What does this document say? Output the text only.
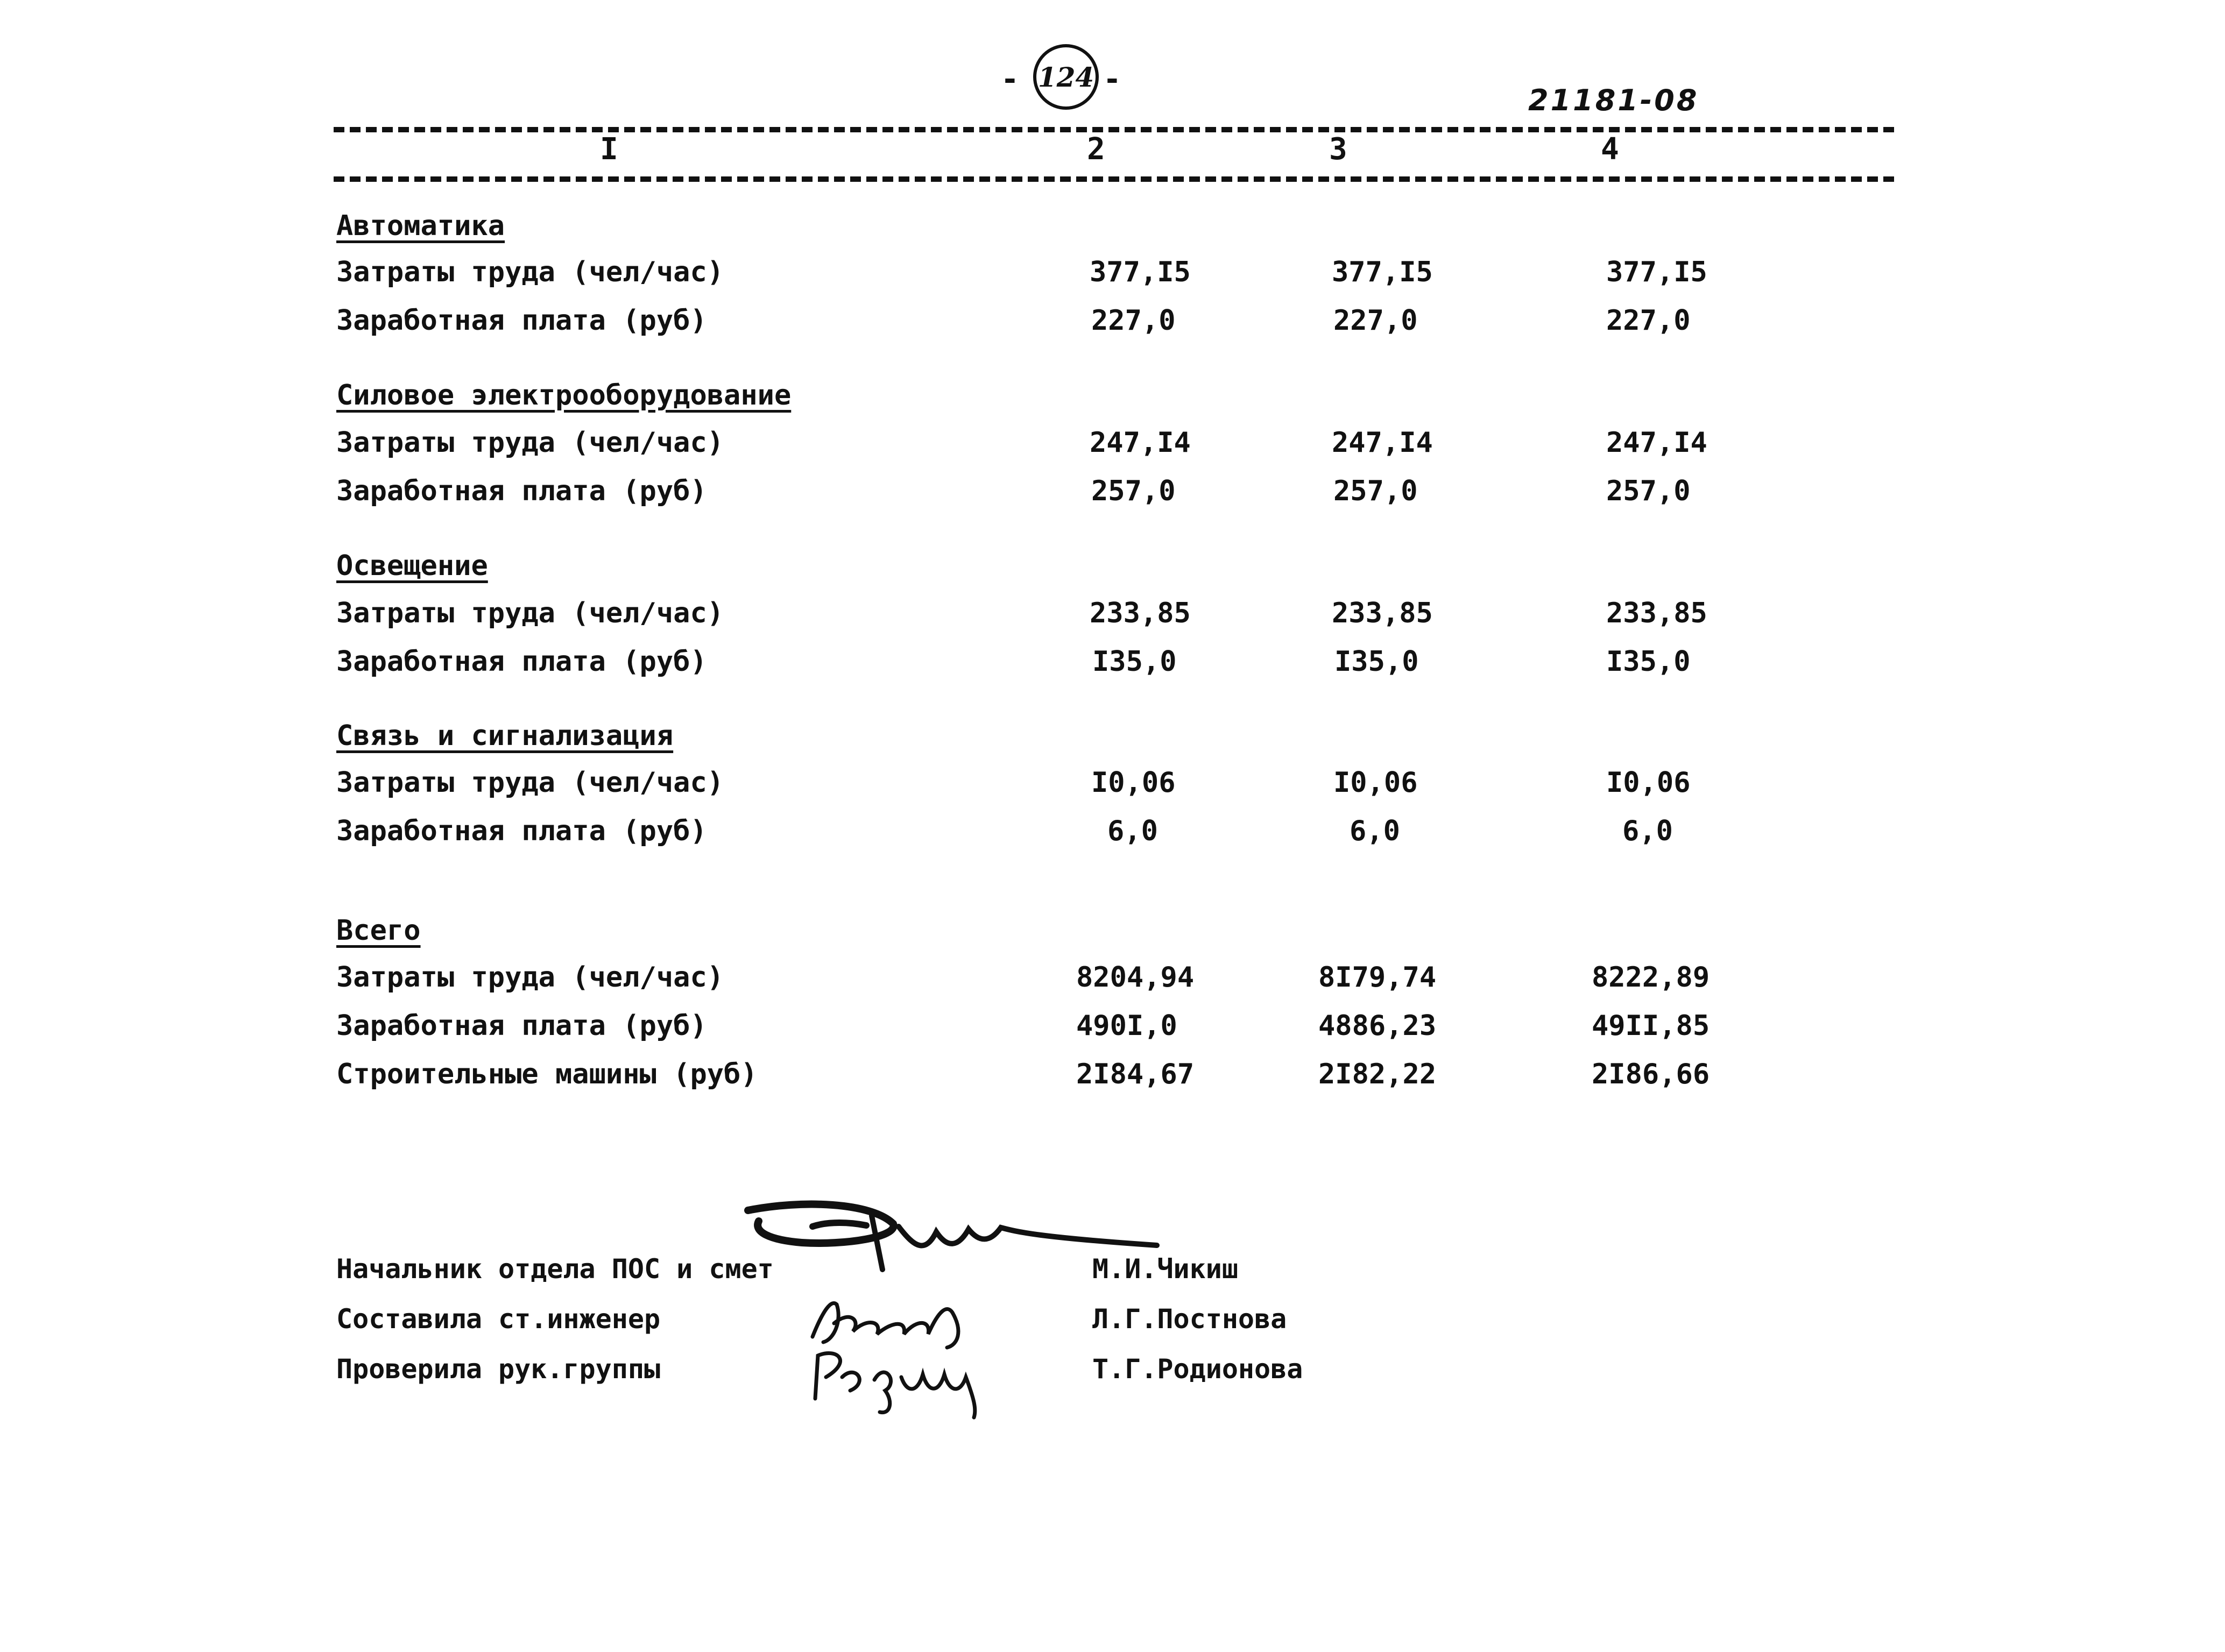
- 124 -
21181-08
I	2	3	4
Автоматика
Затраты труда (чел/час)	377,I5	377,I5	377,I5
Заработная плата (руб)	227,0	227,0	227,0
Силовое электрооборудование
Затраты труда (чел/час)	247,I4	247,I4	247,I4
Заработная плата (руб)	257,0	257,0	257,0
Освещение
Затраты труда (чел/час)	233,85	233,85	233,85
Заработная плата (руб)	I35,0	I35,0	I35,0
Связь и сигнализация
Затраты труда (чел/час)	I0,06	I0,06	I0,06
Заработная плата (руб)	6,0	6,0	6,0
Всего
Затраты труда (чел/час)	8204,94	8I79,74	8222,89
Заработная плата (руб)	490I,0	4886,23	49II,85
Строительные машины (руб)	2I84,67	2I82,22	2I86,66
Начальник отдела ПОС и смет	М.И.Чикиш
Составила ст.инженер	Л.Г.Постнова
Проверила рук.группы	Т.Г.Родионова
